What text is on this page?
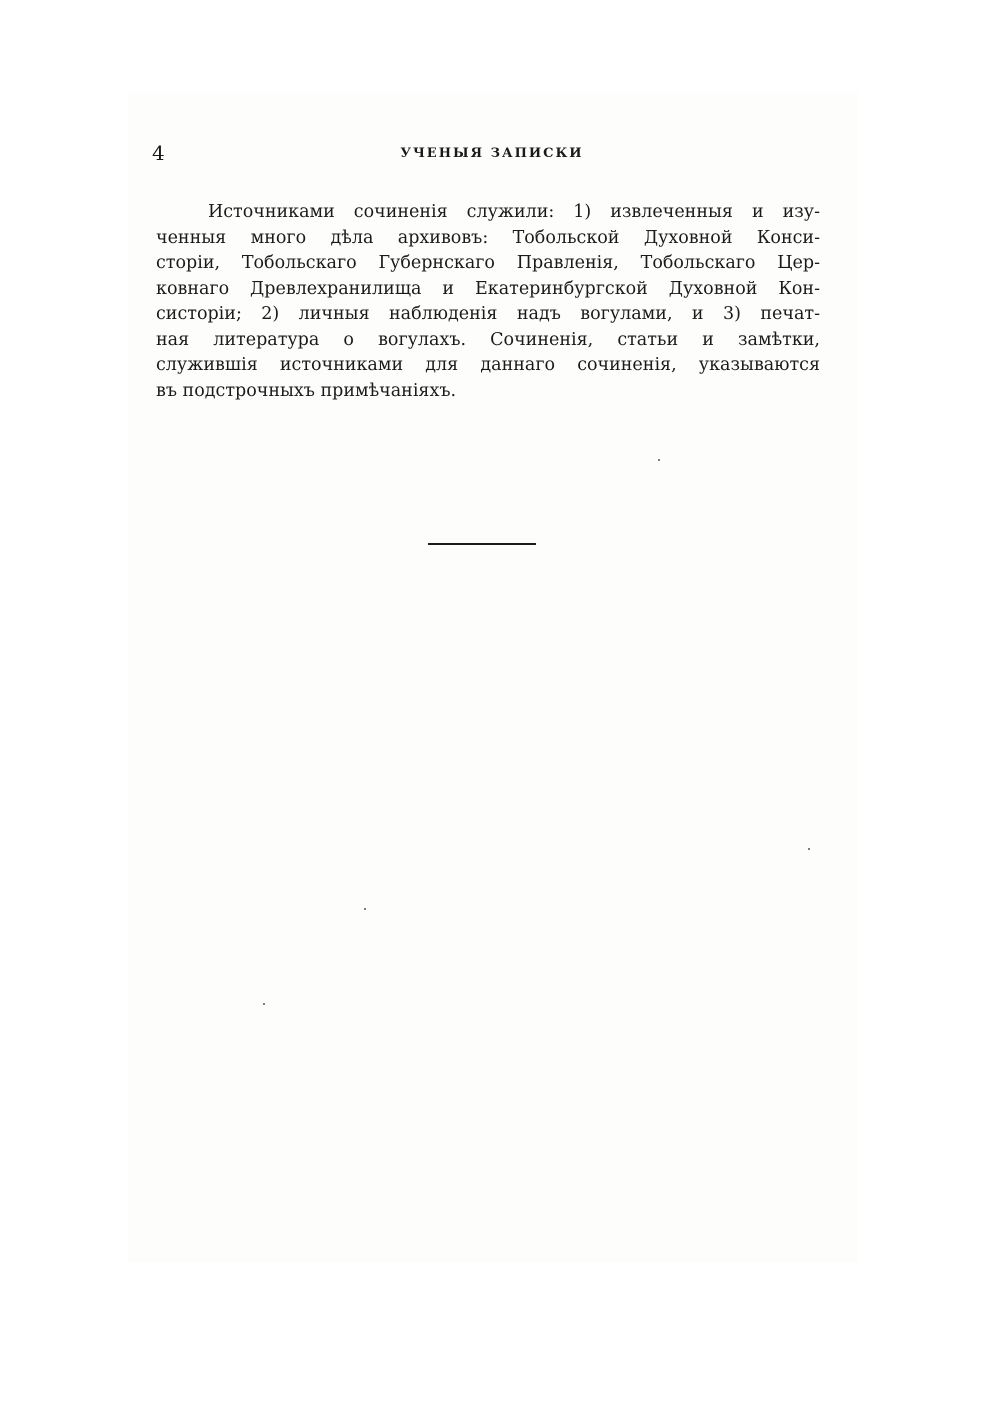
4	УЧЕНЫЯ ЗАПИСКИ
Источниками сочиненія служили: 1) извлеченныя и изу-
ченныя много дѣла архивовъ: Тобольской Духовной Конси-
сторіи, Тобольскаго Губернскаго Правленія, Тобольскаго Цер-
ковнаго Древлехранилища и Екатеринбургской Духовной Кон-
систоріи; 2) личныя наблюденія надъ вогулами, и 3) печат-
ная литература о вогулахъ. Сочиненія, статьи и замѣтки,
служившія источниками для даннаго сочиненія, указываются
въ подстрочныхъ примѣчаніяхъ.
